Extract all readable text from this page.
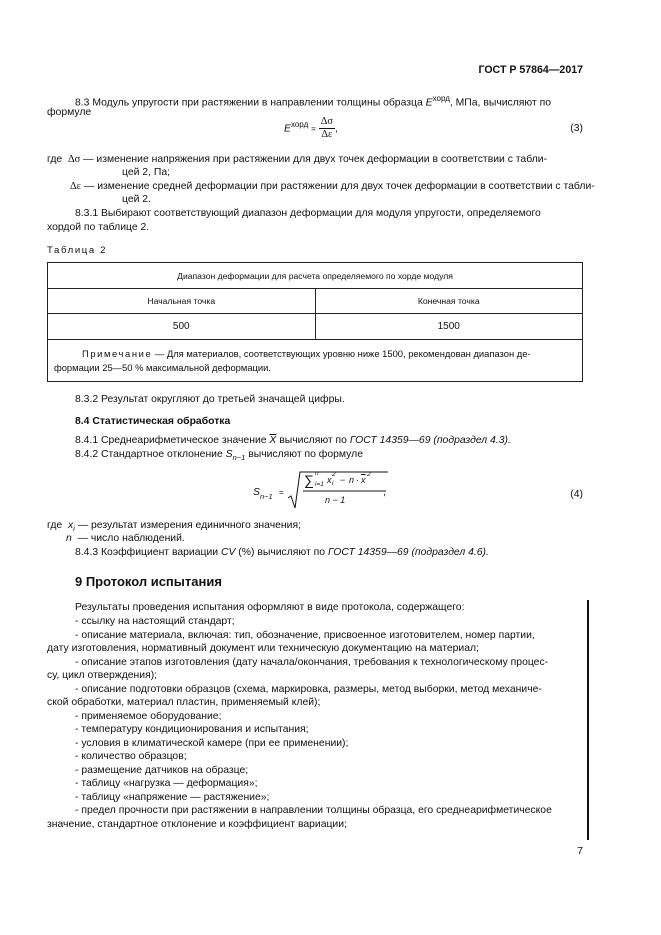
ГОСТ Р 57864—2017
8.3 Модуль упругости при растяжении в направлении толщины образца $E^{хорд}$, МПа, вычисляют по
формуле
$E^{хорд} = \frac{\Delta\sigma}{\Delta\varepsilon}$ ,	(3)
где Δσ — изменение напряжения при растяжении для двух точек деформации в соответствии с табли-
цей 2, Па;
Δε — изменение средней деформации при растяжении для двух точек деформации в соответствии с табли-
цей 2.
8.3.1 Выбирают соответствующий диапазон деформации для модуля упругости, определяемого
хордой по таблице 2.
Таблица 2
Диапазон деформации для расчета определяемого по хорде модуля	
Начальная точка	Конечная точка
500	1500
Примечание — Для материалов, соответствующих уровню ниже 1500, рекомендован диапазон де-
формации 25—50 % максимальной деформации.	
8.3.2 Результат округляют до третьей значащей цифры.
8.4 Статистическая обработка
8.4.1 Среднеарифметическое значение $\overline{X}$ вычисляют по ГОСТ 14359—69 (подраздел 4.3).
8.4.2 Стандартное отклонение $S_{n-1}$ вычисляют по формуле
S n−1 =
∑ n
i=1 x
2
$i - n \cdot \overline{x}$
2
n − 1
,	(4)
где $x_i$ — результат измерения единичного значения;
n — число наблюдений.
8.4.3 Коэффициент вариации CV (%) вычисляют по ГОСТ 14359—69 (подраздел 4.6).
9 Протокол испытания
Результаты проведения испытания оформляют в виде протокола, содержащего:
- ссылку на настоящий стандарт;
- описание материала, включая: тип, обозначение, присвоенное изготовителем, номер партии,
дату изготовления, нормативный документ или техническую документацию на материал;
- описание этапов изготовления (дату начала/окончания, требования к технологическому процес-
су, цикл отверждения);
- описание подготовки образцов (схема, маркировка, размеры, метод выборки, метод механиче-
ской обработки, материал пластин, применяемый клей);
- применяемое оборудование;
- температуру кондиционирования и испытания;
- условия в климатической камере (при ее применении);
- количество образцов;
- размещение датчиков на образце;
- таблицу «нагрузка — деформация»;
- таблицу «напряжение — растяжение»;
- предел прочности при растяжении в направлении толщины образца, его среднеарифметическое
значение, стандартное отклонение и коэффициент вариации;
7
